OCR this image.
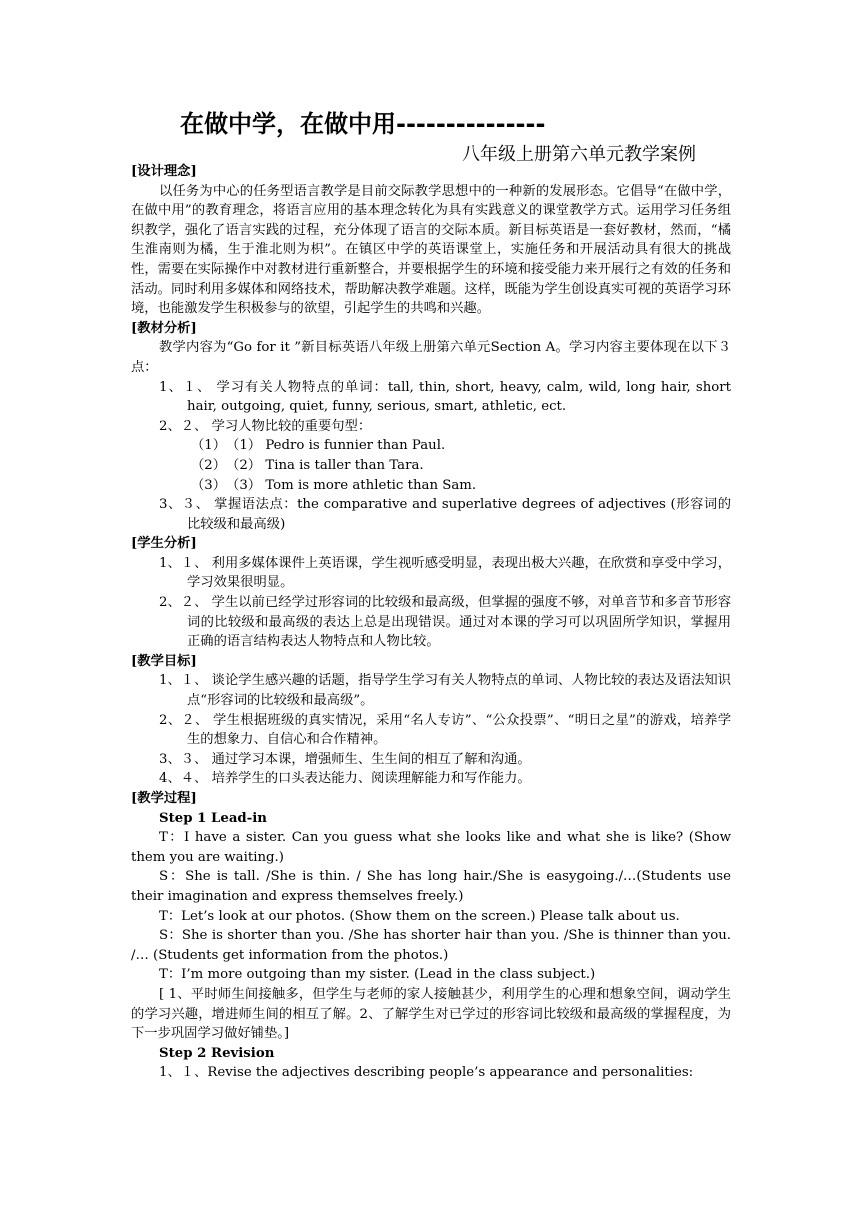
在做中学，在做中用---------------
八年级上册第六单元教学案例

[设计理念]

以任务为中心的任务型语言教学是目前交际教学思想中的一种新的发展形态。它倡导“在做中学，在做中用”的教育理念，将语言应用的基本理念转化为具有实践意义的课堂教学方式。运用学习任务组织教学，强化了语言实践的过程，充分体现了语言的交际本质。新目标英语是一套好教材，然而，“橘生淮南则为橘，生于淮北则为枳”。在镇区中学的英语课堂上，实施任务和开展活动具有很大的挑战性，需要在实际操作中对教材进行重新整合，并要根据学生的环境和接受能力来开展行之有效的任务和活动。同时利用多媒体和网络技术，帮助解决教学难题。这样，既能为学生创设真实可视的英语学习环境，也能激发学生积极参与的欲望，引起学生的共鸣和兴趣。

[教材分析]

教学内容为“Go for it ”新目标英语八年级上册第六单元Section A。学习内容主要体现在以下３点：

1、１、 学习有关人物特点的单词：tall, thin, short, heavy, calm, wild, long hair, short hair, outgoing, quiet, funny, serious, smart, athletic, ect.

2、２、 学习人物比较的重要句型：

（1）　（1） Pedro is funnier than Paul.

（2）　（2） Tina is taller than Tara.

（3）　（3） Tom is more athletic than Sam.

3、３、 掌握语法点：the comparative and superlative degrees of adjectives (形容词的比较级和最高级)

[学生分析]

1、１、 利用多媒体课件上英语课，学生视听感受明显，表现出极大兴趣，在欣赏和享受中学习，学习效果很明显。

2、２、 学生以前已经学过形容词的比较级和最高级，但掌握的强度不够，对单音节和多音节形容词的比较级和最高级的表达上总是出现错误。通过对本课的学习可以巩固所学知识，掌握用正确的语言结构表达人物特点和人物比较。

[教学目标]

1、１、 谈论学生感兴趣的话题，指导学生学习有关人物特点的单词、人物比较的表达及语法知识点“形容词的比较级和最高级”。

2、２、 学生根据班级的真实情况，采用“名人专访”、“公众投票”、“明日之星”的游戏，培养学生的想象力、自信心和合作精神。

3、３、 通过学习本课，增强师生、生生间的相互了解和沟通。

4、４、 培养学生的口头表达能力、阅读理解能力和写作能力。

[教学过程]

Step 1 Lead-in

T：I have a sister. Can you guess what she looks like and what she is like? (Show them you are waiting.)

S：She is tall. /She is thin. / She has long hair./She is easygoing./…(Students use their imagination and express themselves freely.)

T：Let’s look at our photos. (Show them on the screen.) Please talk about us.

S：She is shorter than you. /She has shorter hair than you. /She is thinner than you. /… (Students get information from the photos.)

T：I’m more outgoing than my sister. (Lead in the class subject.)

[ 1、平时师生间接触多，但学生与老师的家人接触甚少，利用学生的心理和想象空间，调动学生的学习兴趣，增进师生间的相互了解。2、了解学生对已学过的形容词比较级和最高级的掌握程度，为下一步巩固学习做好铺垫。]

Step 2 Revision

1、１、Revise the adjectives describing people’s appearance and personalities:
